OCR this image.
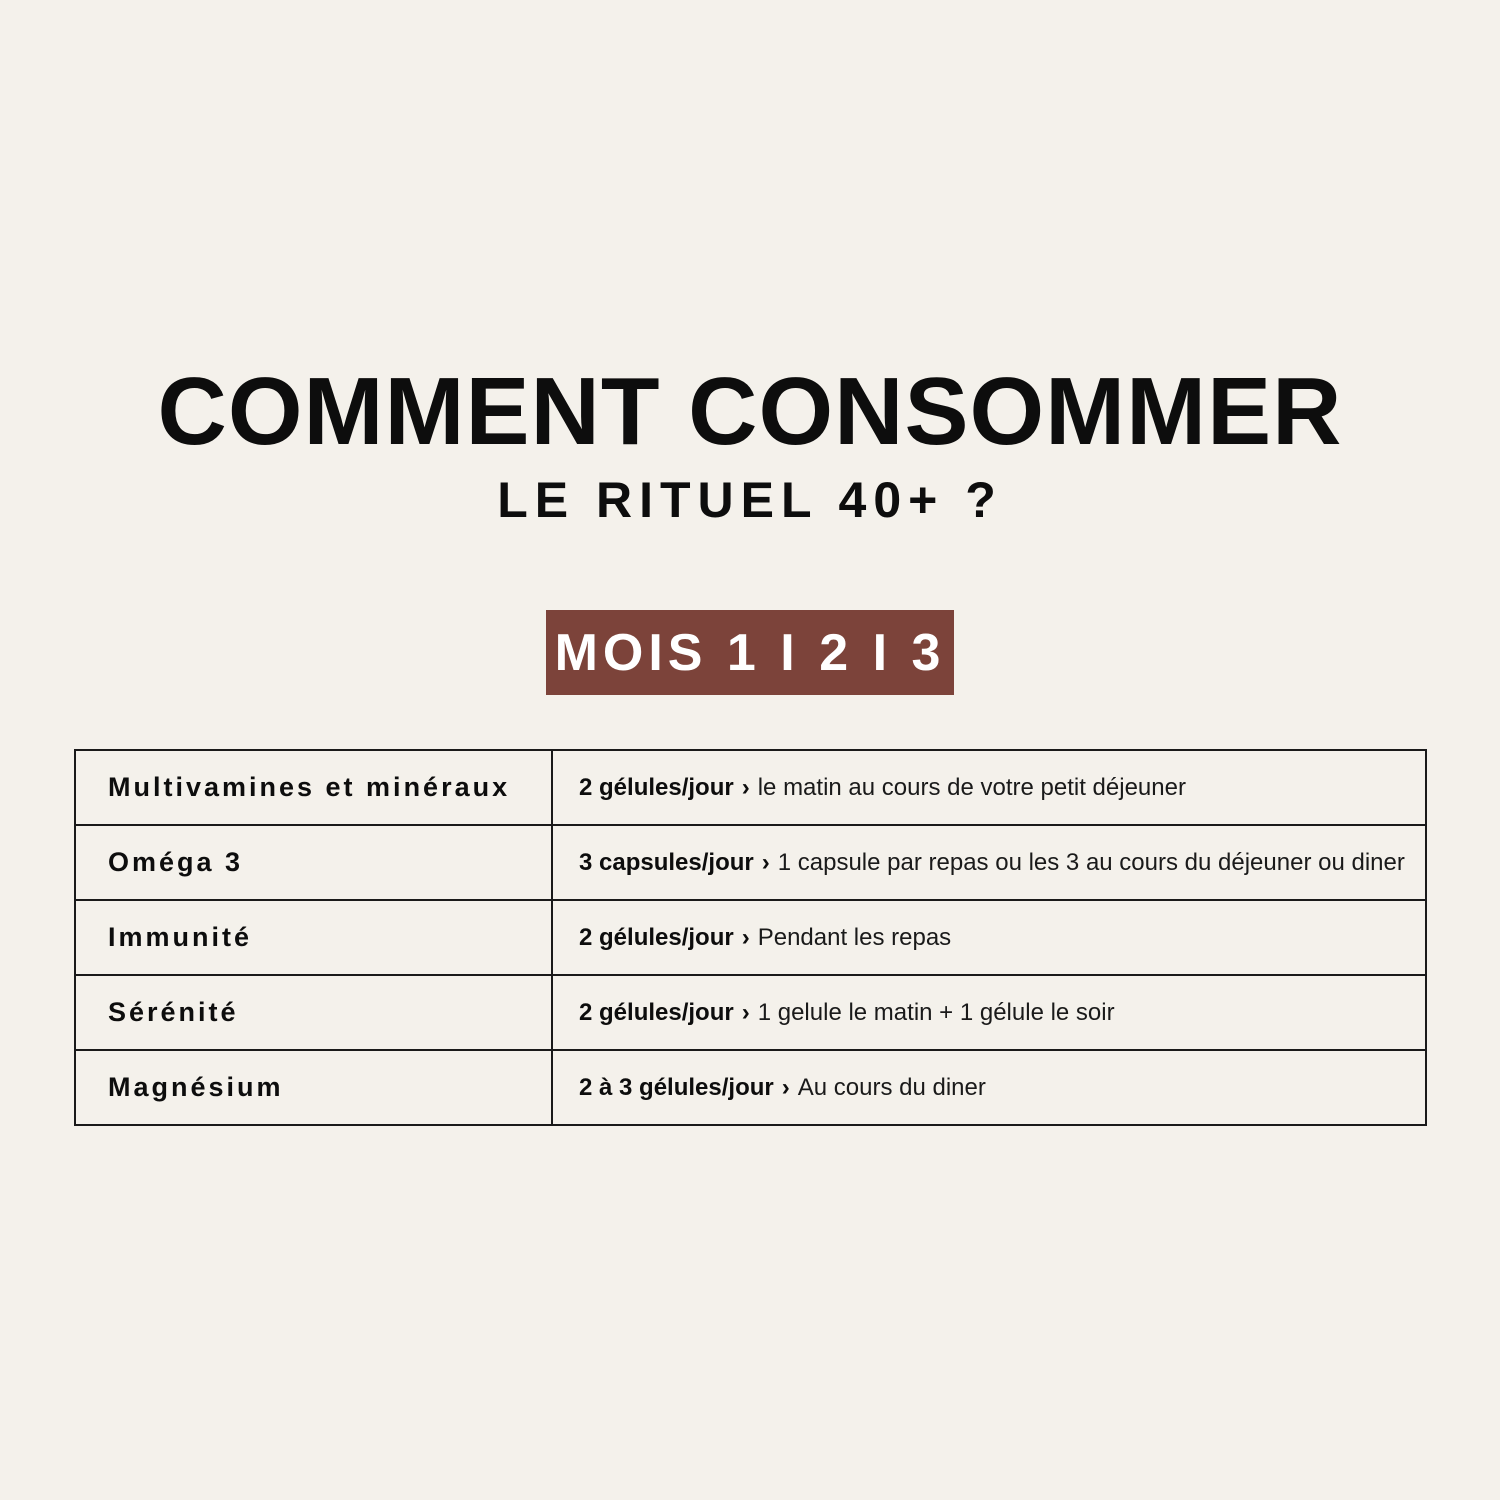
COMMENT CONSOMMER
LE RITUEL 40+ ?
MOIS 1 I 2 I 3
Multivamines et minéraux	2 gélules/jour › le matin au cours de votre petit déjeuner
Oméga 3	3 capsules/jour › 1 capsule par repas ou les 3 au cours du déjeuner ou diner
Immunité	2 gélules/jour › Pendant les repas
Sérénité	2 gélules/jour › 1 gelule le matin + 1 gélule le soir
Magnésium	2 à 3 gélules/jour › Au cours du diner
